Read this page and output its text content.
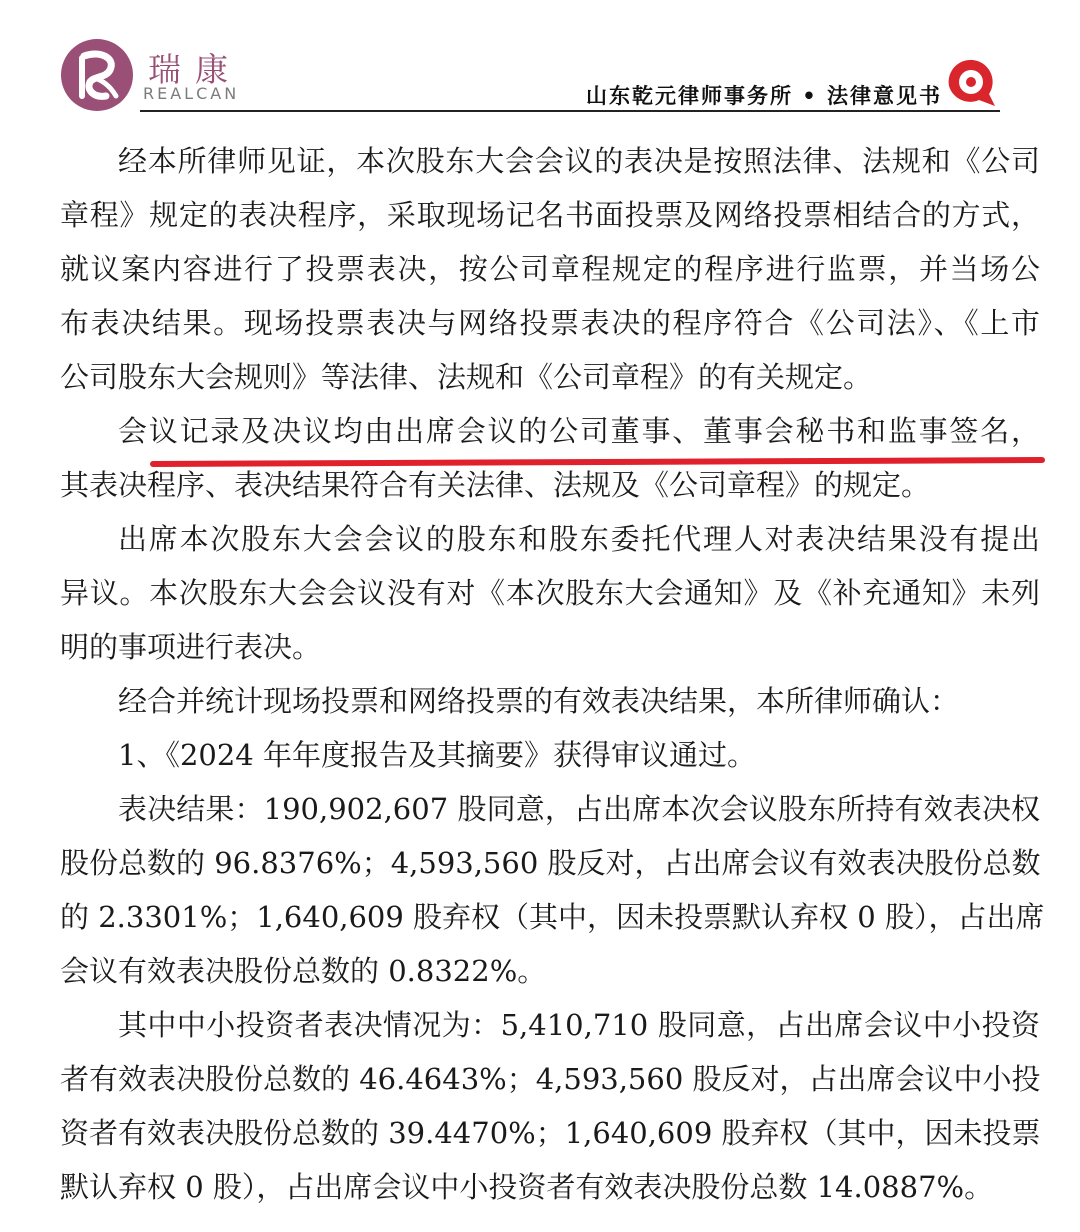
瑞康
REALCAN	山东乾元律师事务所 • 法律意见书
经本所律师见证，本次股东大会会议的表决是按照法律、法规和《公司
章程》规定的表决程序，采取现场记名书面投票及网络投票相结合的方式，
就议案内容进行了投票表决，按公司章程规定的程序进行监票，并当场公
布表决结果。现场投票表决与网络投票表决的程序符合《公司法》、《上市
公司股东大会规则》等法律、法规和《公司章程》的有关规定。
会议记录及决议均由出席会议的公司董事、董事会秘书和监事签名，
其表决程序、表决结果符合有关法律、法规及《公司章程》的规定。
出席本次股东大会会议的股东和股东委托代理人对表决结果没有提出
异议。本次股东大会会议没有对《本次股东大会通知》及《补充通知》未列
明的事项进行表决。
经合并统计现场投票和网络投票的有效表决结果，本所律师确认：
1、《2024 年年度报告及其摘要》获得审议通过。
表决结果：190,902,607 股同意，占出席本次会议股东所持有效表决权
股份总数的 96.8376%；4,593,560 股反对，占出席会议有效表决股份总数
的 2.3301%；1,640,609 股弃权（其中，因未投票默认弃权 0 股），占出席
会议有效表决股份总数的 0.8322%。
其中中小投资者表决情况为：5,410,710 股同意，占出席会议中小投资
者有效表决股份总数的 46.4643%；4,593,560 股反对，占出席会议中小投
资者有效表决股份总数的 39.4470%；1,640,609 股弃权（其中，因未投票
默认弃权 0 股），占出席会议中小投资者有效表决股份总数 14.0887%。
